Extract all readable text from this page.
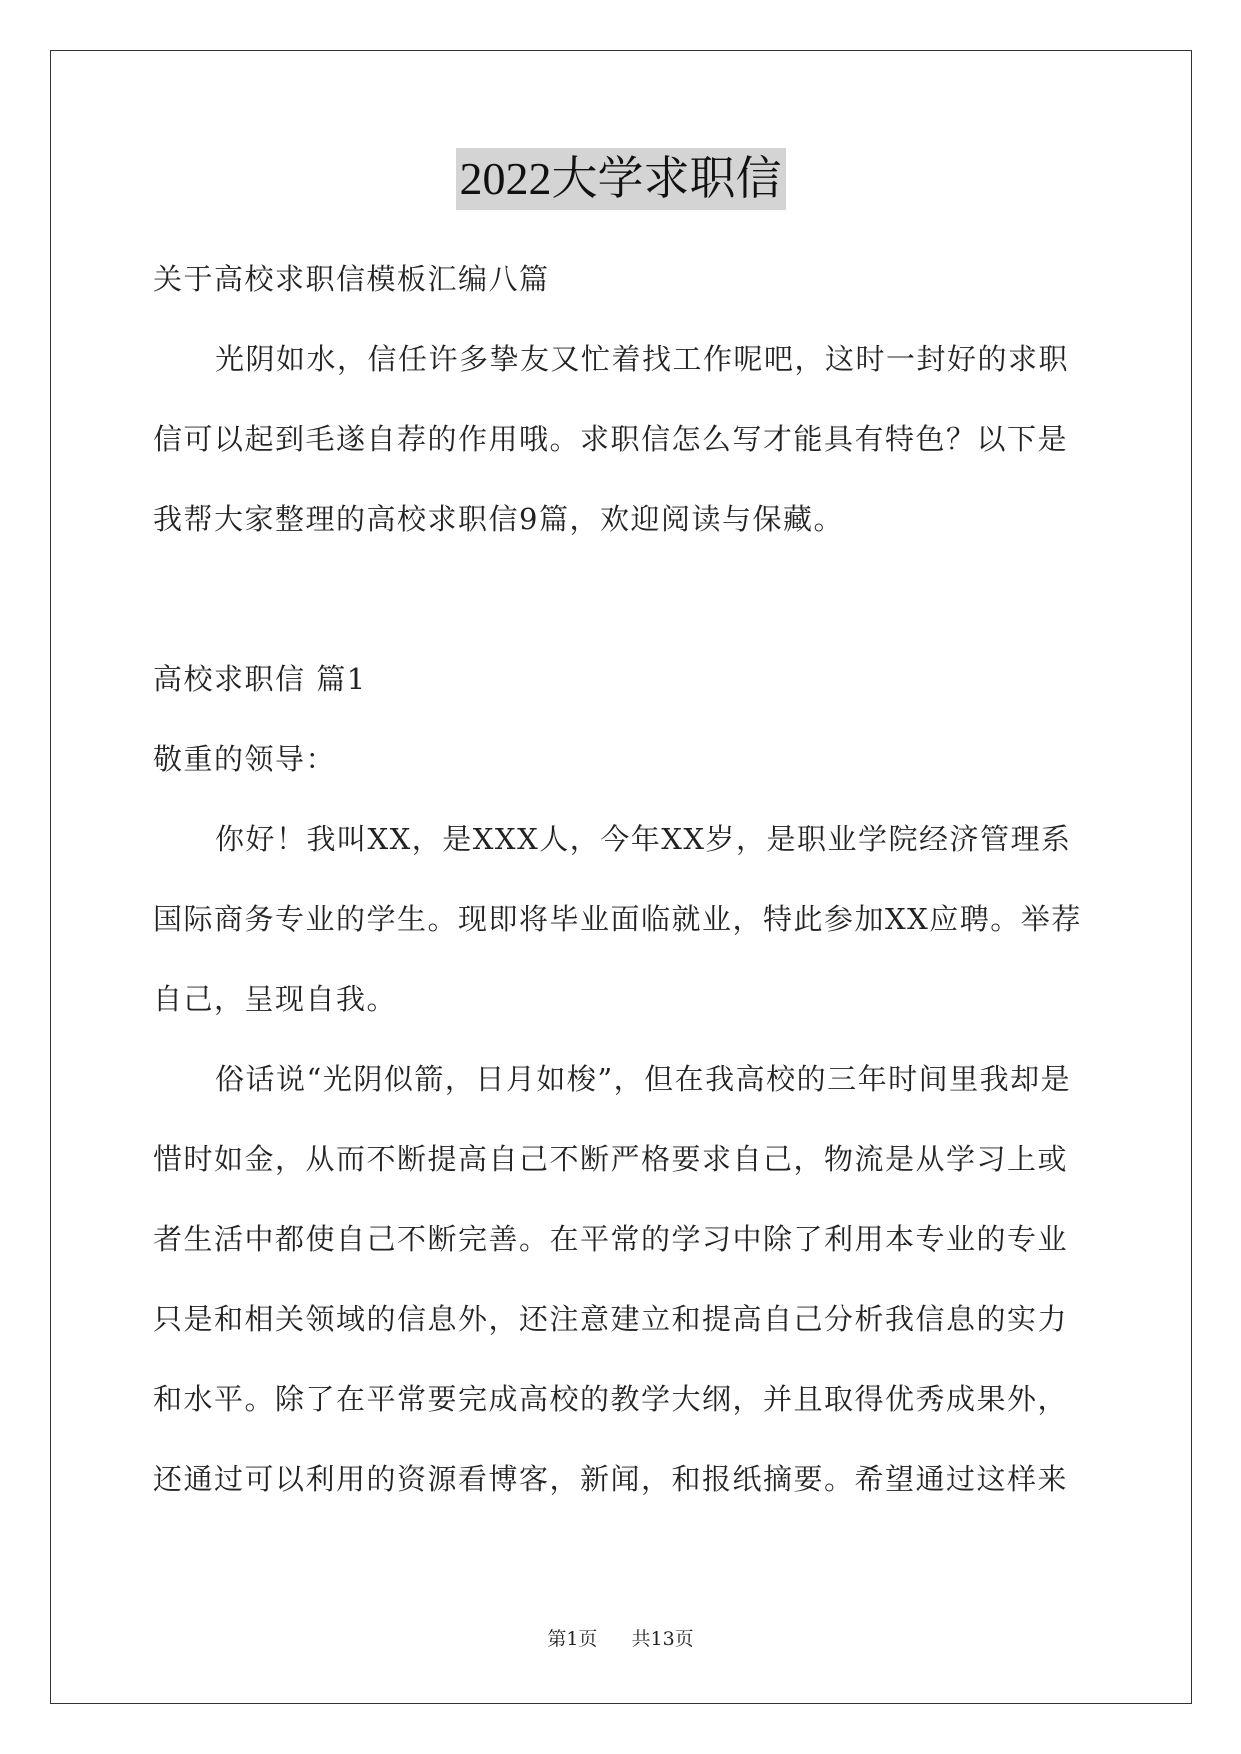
2022大学求职信
关于高校求职信模板汇编八篇
光阴如水，信任许多挚友又忙着找工作呢吧，这时一封好的求职
信可以起到毛遂自荐的作用哦。求职信怎么写才能具有特色？以下是
我帮大家整理的高校求职信9篇，欢迎阅读与保藏。
高校求职信 篇1
敬重的领导：
你好！我叫XX，是XXX人，今年XX岁，是职业学院经济管理系
国际商务专业的学生。现即将毕业面临就业，特此参加XX应聘。举荐
自己，呈现自我。
俗话说“光阴似箭，日月如梭”，但在我高校的三年时间里我却是
惜时如金，从而不断提高自己不断严格要求自己，物流是从学习上或
者生活中都使自己不断完善。在平常的学习中除了利用本专业的专业
只是和相关领域的信息外，还注意建立和提高自己分析我信息的实力
和水平。除了在平常要完成高校的教学大纲，并且取得优秀成果外，
还通过可以利用的资源看博客，新闻，和报纸摘要。希望通过这样来
第1页 共13页
